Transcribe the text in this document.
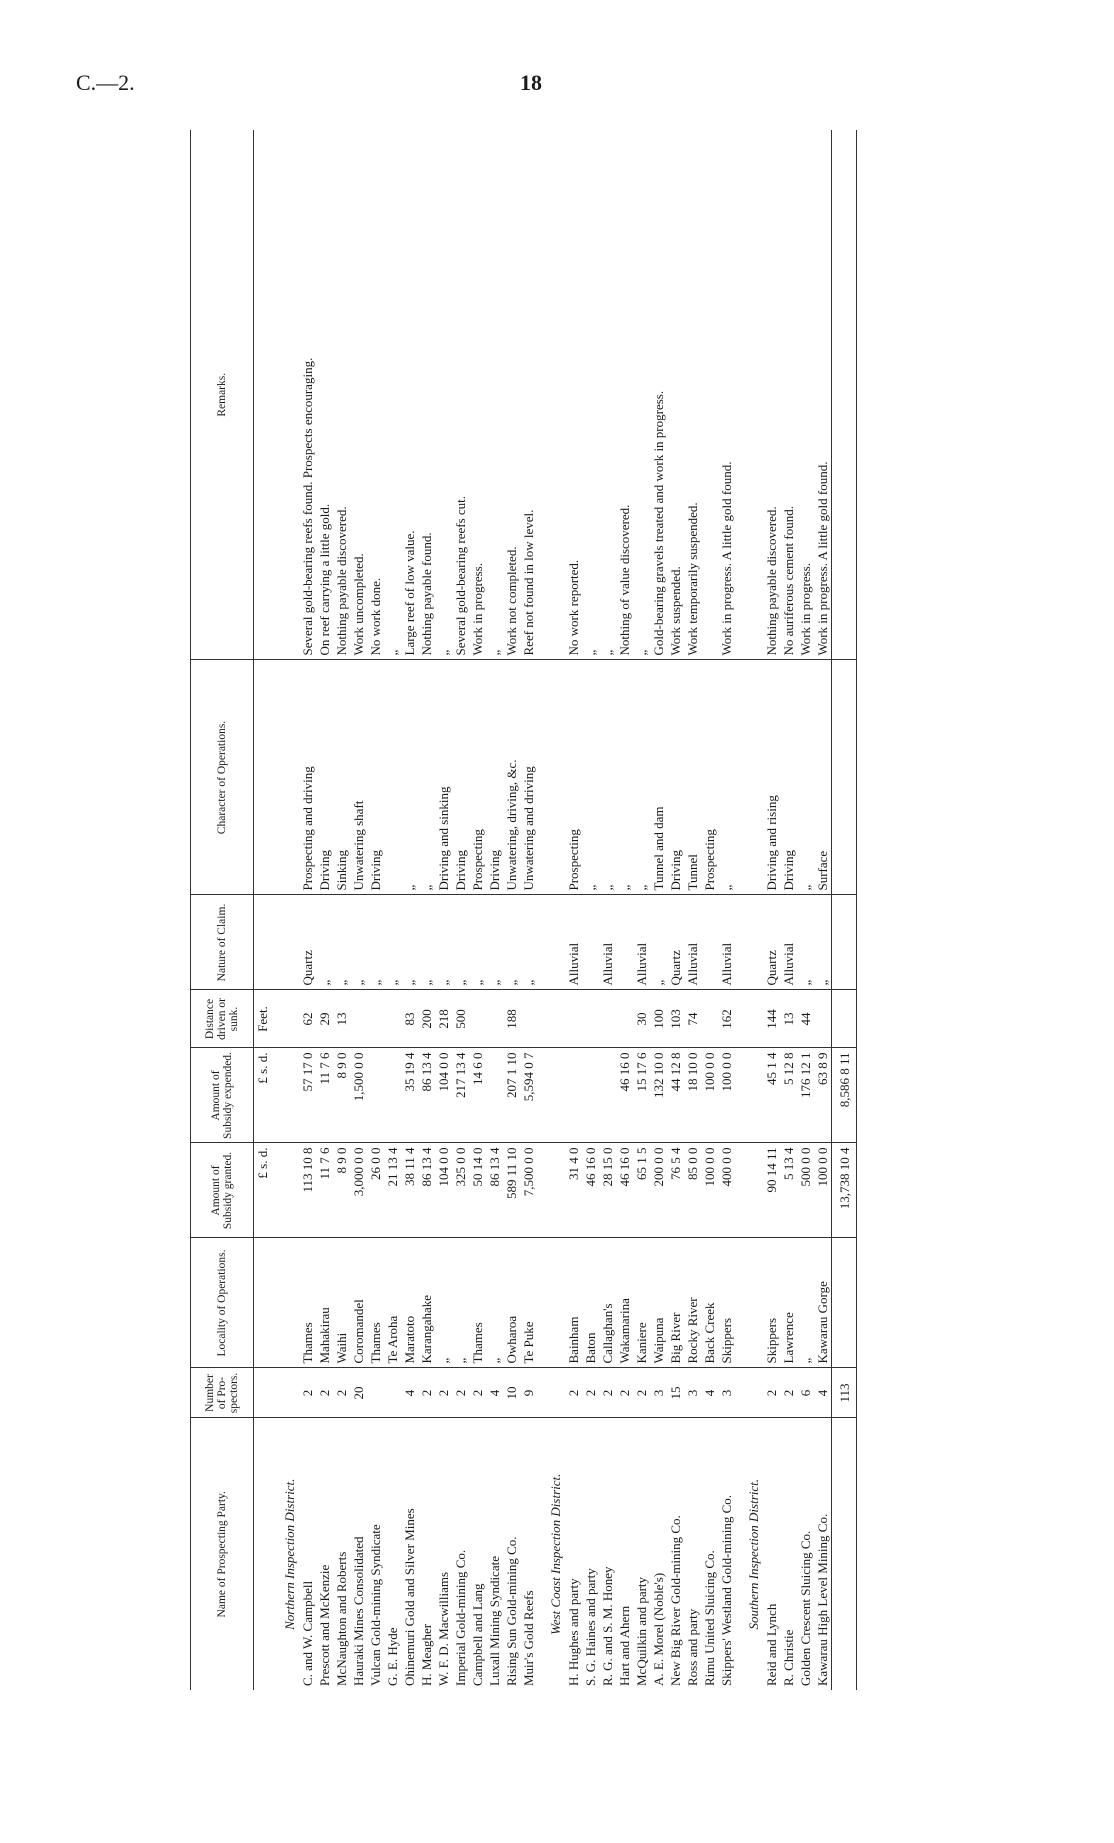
C.—2.	18
Name of Prospecting Party.	Number of Pro- spectors.	Locality of Operations.	Amount of Subsidy granted.	Amount of Subsidy expended.	Distance driven or sunk.	Nature of Claim.	Character of Operations.	Remarks.
			£ s. d.	£ s. d.	Feet.			
Northern Inspection District.								
C. and W. Campbell	2	Thames	113 10 8	57 17 0	62	Quartz	Prospecting and driving	Several gold-bearing reefs found. Prospects encouraging.
Prescott and McKenzie	2	Mahakirau	11 7 6	11 7 6	29	„	Driving	On reef carrying a little gold.
McNaughton and Roberts	2	Waihi	8 9 0	8 9 0	13	„	Sinking	Nothing payable discovered.
Hauraki Mines Consolidated	20	Coromandel	3,000 0 0	1,500 0 0		„	Unwatering shaft	Work uncompleted.
Vulcan Gold-mining Syndicate		Thames	26 0 0			„	Driving	No work done.
G. E. Hyde		Te Aroha	21 13 4			„		„
Ohinemuri Gold and Silver Mines	4	Maratoto	38 11 4	35 19 4	83	„	„	Large reef of low value.
H. Meagher	2	Karangahake	86 13 4	86 13 4	200	„	„	Nothing payable found.
W. F. D. Macwilliams	2	„	104 0 0	104 0 0	218	„	Driving and sinking	„
Imperial Gold-mining Co.	2	„	325 0 0	217 13 4	500	„	Driving	Several gold-bearing reefs cut.
Campbell and Lang	2	Thames	50 14 0	14 6 0		„	Prospecting	Work in progress.
Luxall Mining Syndicate	4	„	86 13 4			„	Driving	„
Rising Sun Gold-mining Co.	10	Owharoa	589 11 10	207 1 10	188	„	Unwatering, driving, &c.	Work not completed.
Muir's Gold Reefs	9	Te Puke	7,500 0 0	5,594 0 7		„	Unwatering and driving	Reef not found in low level.
West Coast Inspection District.								
H. Hughes and party	2	Bainham	31 4 0			Alluvial	Prospecting	No work reported.
S. G. Haines and party	2	Baton	46 16 0				„	„
R. G. and S. M. Honey	2	Callaghan's	28 15 0			Alluvial	„	„
Hart and Ahern	2	Wakamarina	46 16 0	46 16 0			„	Nothing of value discovered.
McQuilkin and party	2	Kaniere	65 1 5	15 17 6	30	Alluvial	„	„
A. E. Morel (Noble's)	3	Waipuna	200 0 0	132 10 0	100	„	Tunnel and dam	Gold-bearing gravels treated and work in progress.
New Big River Gold-mining Co.	15	Big River	76 5 4	44 12 8	103	Quartz	Driving	Work suspended.
Ross and party	3	Rocky River	85 0 0	18 10 0	74	Alluvial	Tunnel	Work temporarily suspended.
Rimu United Sluicing Co.	4	Back Creek	100 0 0	100 0 0			Prospecting	
Skippers' Westland Gold-mining Co.	3	Skippers	400 0 0	100 0 0	162	Alluvial	„	Work in progress. A little gold found.
Southern Inspection District.								
Reid and Lynch	2	Skippers	90 14 11	45 1 4	144	Quartz	Driving and rising	Nothing payable discovered.
R. Christie	2	Lawrence	5 13 4	5 12 8	13	Alluvial	Driving	No auriferous cement found.
Golden Crescent Sluicing Co.	6	„	500 0 0	176 12 1	44	„	„	Work in progress.
Kawarau High Level Mining Co.	4	Kawarau Gorge	100 0 0	63 8 9		„	Surface	Work in progress. A little gold found.
	113		13,738 10 4	8,586 8 11				
